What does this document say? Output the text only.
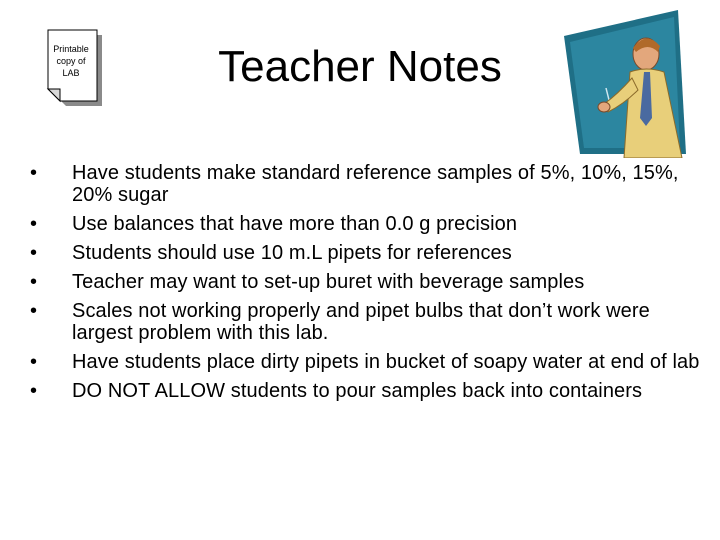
Printable copy of LAB	Teacher Notes
•	Have students make standard reference samples of 5%, 10%, 15%, 20% sugar
•	Use balances that have more than 0.0 g precision
•	Students should use 10 m.L pipets for references
•	Teacher may want to set-up buret with beverage samples
•	Scales not working properly and pipet bulbs that don’t work were largest problem with this lab.
•	Have students place dirty pipets in bucket of soapy water at end of lab
•	DO NOT ALLOW students to pour samples back into containers
